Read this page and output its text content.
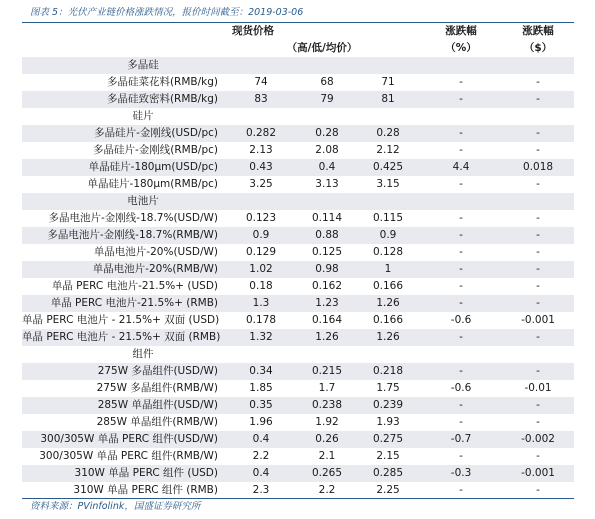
图表 5：光伏产业链价格涨跌情况，报价时间截至：2019-03-06
	现货价格			涨跌幅	涨跌幅
	（高/低/均价）			（%）	（$）
多晶硅					
多晶硅菜花料(RMB/kg)	74	68	71	-	-
多晶硅致密料(RMB/kg)	83	79	81	-	-
硅片					
多晶硅片-金刚线(USD/pc)	0.282	0.28	0.28	-	-
多晶硅片-金刚线(RMB/pc)	2.13	2.08	2.12	-	-
单晶硅片-180μm(USD/pc)	0.43	0.4	0.425	4.4	0.018
单晶硅片-180μm(RMB/pc)	3.25	3.13	3.15	-	-
电池片					
多晶电池片-金刚线-18.7%(USD/W)	0.123	0.114	0.115	-	-
多晶电池片-金刚线-18.7%(RMB/W)	0.9	0.88	0.9	-	-
单晶电池片-20%(USD/W)	0.129	0.125	0.128	-	-
单晶电池片-20%(RMB/W)	1.02	0.98	1	-	-
单晶 PERC 电池片-21.5%+ (USD)	0.18	0.162	0.166	-	-
单晶 PERC 电池片-21.5%+ (RMB)	1.3	1.23	1.26	-	-
单晶 PERC 电池片 - 21.5%+ 双面 (USD)	0.178	0.164	0.166	-0.6	-0.001
单晶 PERC 电池片 - 21.5%+ 双面 (RMB)	1.32	1.26	1.26	-	-
组件					
275W 多晶组件(USD/W)	0.34	0.215	0.218	-	-
275W 多晶组件(RMB/W)	1.85	1.7	1.75	-0.6	-0.01
285W 单晶组件(USD/W)	0.35	0.238	0.239	-	-
285W 单晶组件(RMB/W)	1.96	1.92	1.93	-	-
300/305W 单晶 PERC 组件(USD/W)	0.4	0.26	0.275	-0.7	-0.002
300/305W 单晶 PERC 组件(RMB/W)	2.2	2.1	2.15	-	-
310W 单晶 PERC 组件 (USD)	0.4	0.265	0.285	-0.3	-0.001
310W 单晶 PERC 组件 (RMB)	2.3	2.2	2.25	-	-
资料来源：PVinfolink，国盛证券研究所
